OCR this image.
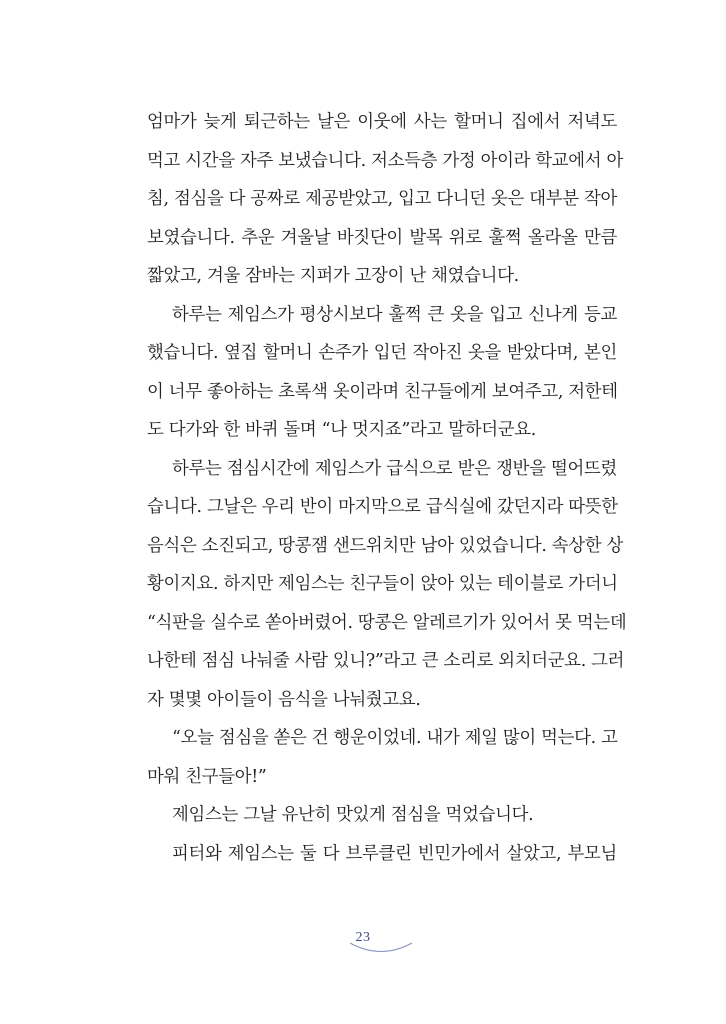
엄마가 늦게 퇴근하는 날은 이웃에 사는 할머니 집에서 저녁도
먹고 시간을 자주 보냈습니다. 저소득층 가정 아이라 학교에서 아
침, 점심을 다 공짜로 제공받았고, 입고 다니던 옷은 대부분 작아
보였습니다. 추운 겨울날 바짓단이 발목 위로 훌쩍 올라올 만큼
짧았고, 겨울 잠바는 지퍼가 고장이 난 채였습니다.
하루는 제임스가 평상시보다 훌쩍 큰 옷을 입고 신나게 등교
했습니다. 옆집 할머니 손주가 입던 작아진 옷을 받았다며, 본인
이 너무 좋아하는 초록색 옷이라며 친구들에게 보여주고, 저한테
도 다가와 한 바퀴 돌며 “나 멋지죠”라고 말하더군요.
하루는 점심시간에 제임스가 급식으로 받은 쟁반을 떨어뜨렸
습니다. 그날은 우리 반이 마지막으로 급식실에 갔던지라 따뜻한
음식은 소진되고, 땅콩잼 샌드위치만 남아 있었습니다. 속상한 상
황이지요. 하지만 제임스는 친구들이 앉아 있는 테이블로 가더니
“식판을 실수로 쏟아버렸어. 땅콩은 알레르기가 있어서 못 먹는데
나한테 점심 나눠줄 사람 있니?”라고 큰 소리로 외치더군요. 그러
자 몇몇 아이들이 음식을 나눠줬고요.
“오늘 점심을 쏟은 건 행운이었네. 내가 제일 많이 먹는다. 고
마워 친구들아!”
제임스는 그날 유난히 맛있게 점심을 먹었습니다.
피터와 제임스는 둘 다 브루클린 빈민가에서 살았고, 부모님
23
